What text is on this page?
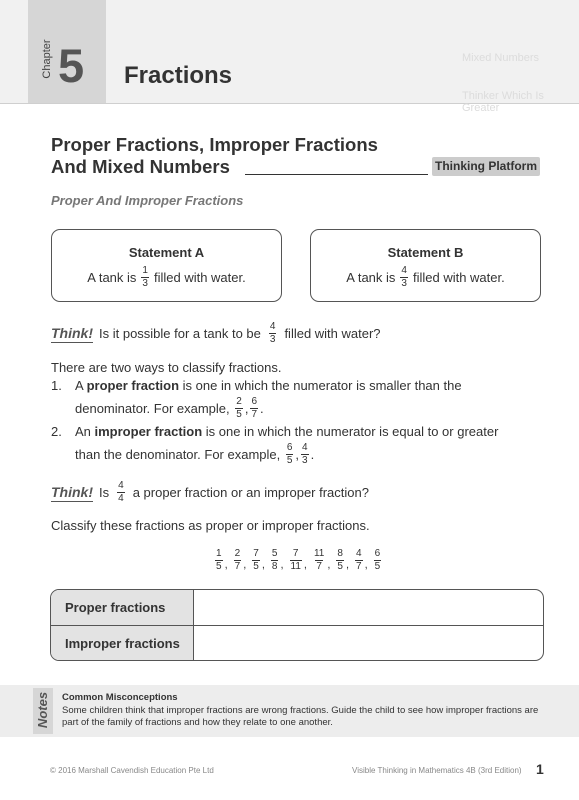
Chapter 5 Fractions
Mixed Numbers
Thinker Which Is Greater
Proper Fractions, Improper Fractions
And Mixed Numbers	Thinking Platform
Proper And Improper Fractions
Statement A
A tank is $\frac{1}{3}$ filled with water.
Statement B
A tank is $\frac{4}{3}$ filled with water.
Think! Is it possible for a tank to be $\frac{4}{3}$ filled with water?
There are two ways to classify fractions.
1. A proper fraction is one in which the numerator is smaller than the
denominator. For example,
$\frac{2}{5}$ , $\frac{6}{7}$ .
2. An improper fraction is one in which the numerator is equal to or greater
than the denominator. For example,
$\frac{6}{5}$ , $\frac{4}{3}$ .
Think! Is $\frac{4}{4}$ a proper fraction or an improper fraction?
Classify these fractions as proper or improper fractions.
$\frac{1}{5}$ , $\frac{2}{7}$ , $\frac{7}{5}$ , $\frac{5}{8}$ , $\frac{7}{11}$ , $\frac{11}{7}$ , $\frac{8}{5}$ , $\frac{4}{7}$ , $\frac{6}{5}$
Proper fractions
Improper fractions
Notes Common Misconceptions
Some children think that improper fractions are wrong fractions. Guide the child to see how improper fractions are part of the family of fractions and how they relate to one another.
© 2016 Marshall Cavendish Education Pte Ltd	Visible Thinking in Mathematics 4B (3rd Edition) 1
